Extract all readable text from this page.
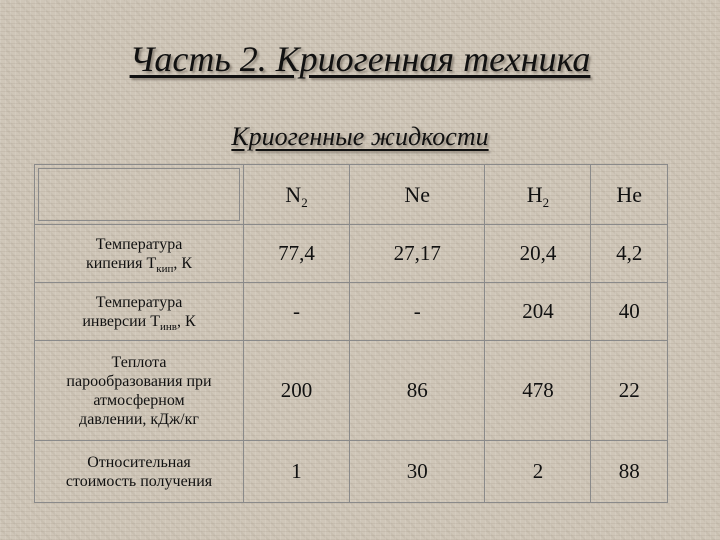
Часть 2. Криогенная техника
Криогенные жидкости
	$N_2$	Ne	$H_2$	He
Температура
кипения $T_{кип}$, К	77,4	27,17	20,4	4,2
Температура
инверсии $T_{инв}$, К	-	-	204	40
Теплота
парообразования при
атмосферном
давлении, кДж/кг	200	86	478	22
Относительная
стоимость получения	1	30	2	88
